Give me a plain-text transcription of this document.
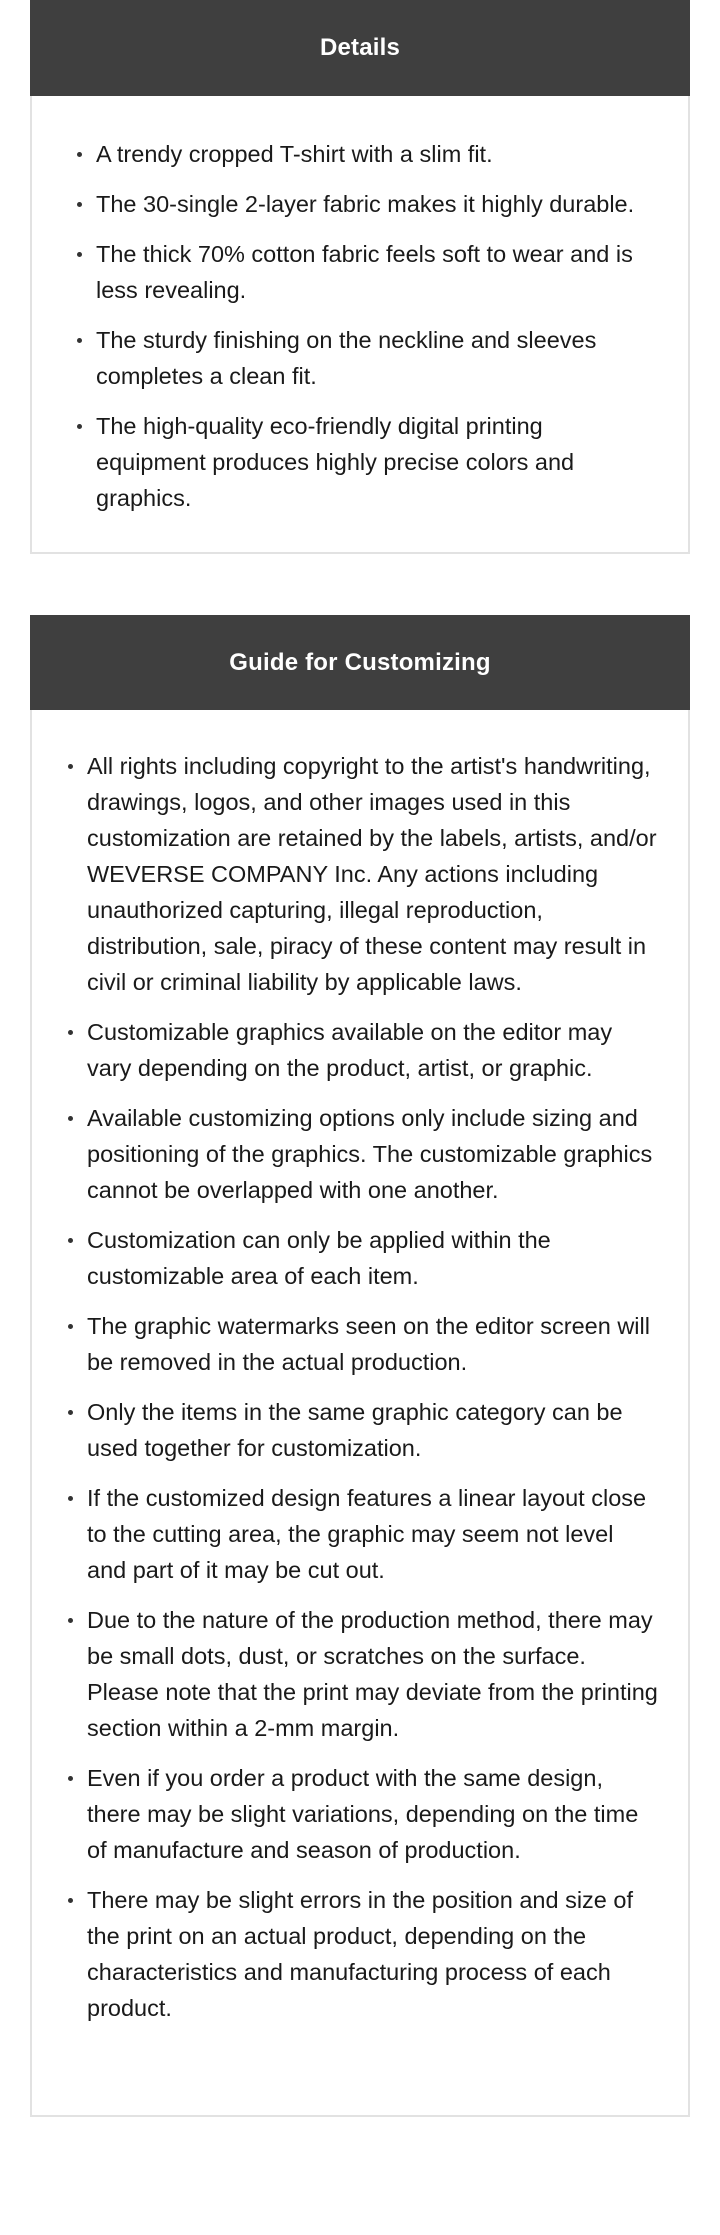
Details
A trendy cropped T-shirt with a slim fit.
The 30-single 2-layer fabric makes it highly durable.
The thick 70% cotton fabric feels soft to wear and is less revealing.
The sturdy finishing on the neckline and sleeves completes a clean fit.
The high-quality eco-friendly digital printing equipment produces highly precise colors and graphics.
Guide for Customizing
All rights including copyright to the artist's handwriting, drawings, logos, and other images used in this customization are retained by the labels, artists, and/or WEVERSE COMPANY Inc. Any actions including unauthorized capturing, illegal reproduction, distribution, sale, piracy of these content may result in civil or criminal liability by applicable laws.
Customizable graphics available on the editor may vary depending on the product, artist, or graphic.
Available customizing options only include sizing and positioning of the graphics. The customizable graphics cannot be overlapped with one another.
Customization can only be applied within the customizable area of each item.
The graphic watermarks seen on the editor screen will be removed in the actual production.
Only the items in the same graphic category can be used together for customization.
If the customized design features a linear layout close to the cutting area, the graphic may seem not level and part of it may be cut out.
Due to the nature of the production method, there may be small dots, dust, or scratches on the surface. Please note that the print may deviate from the printing section within a 2-mm margin.
Even if you order a product with the same design, there may be slight variations, depending on the time of manufacture and season of production.
There may be slight errors in the position and size of the print on an actual product, depending on the characteristics and manufacturing process of each product.
